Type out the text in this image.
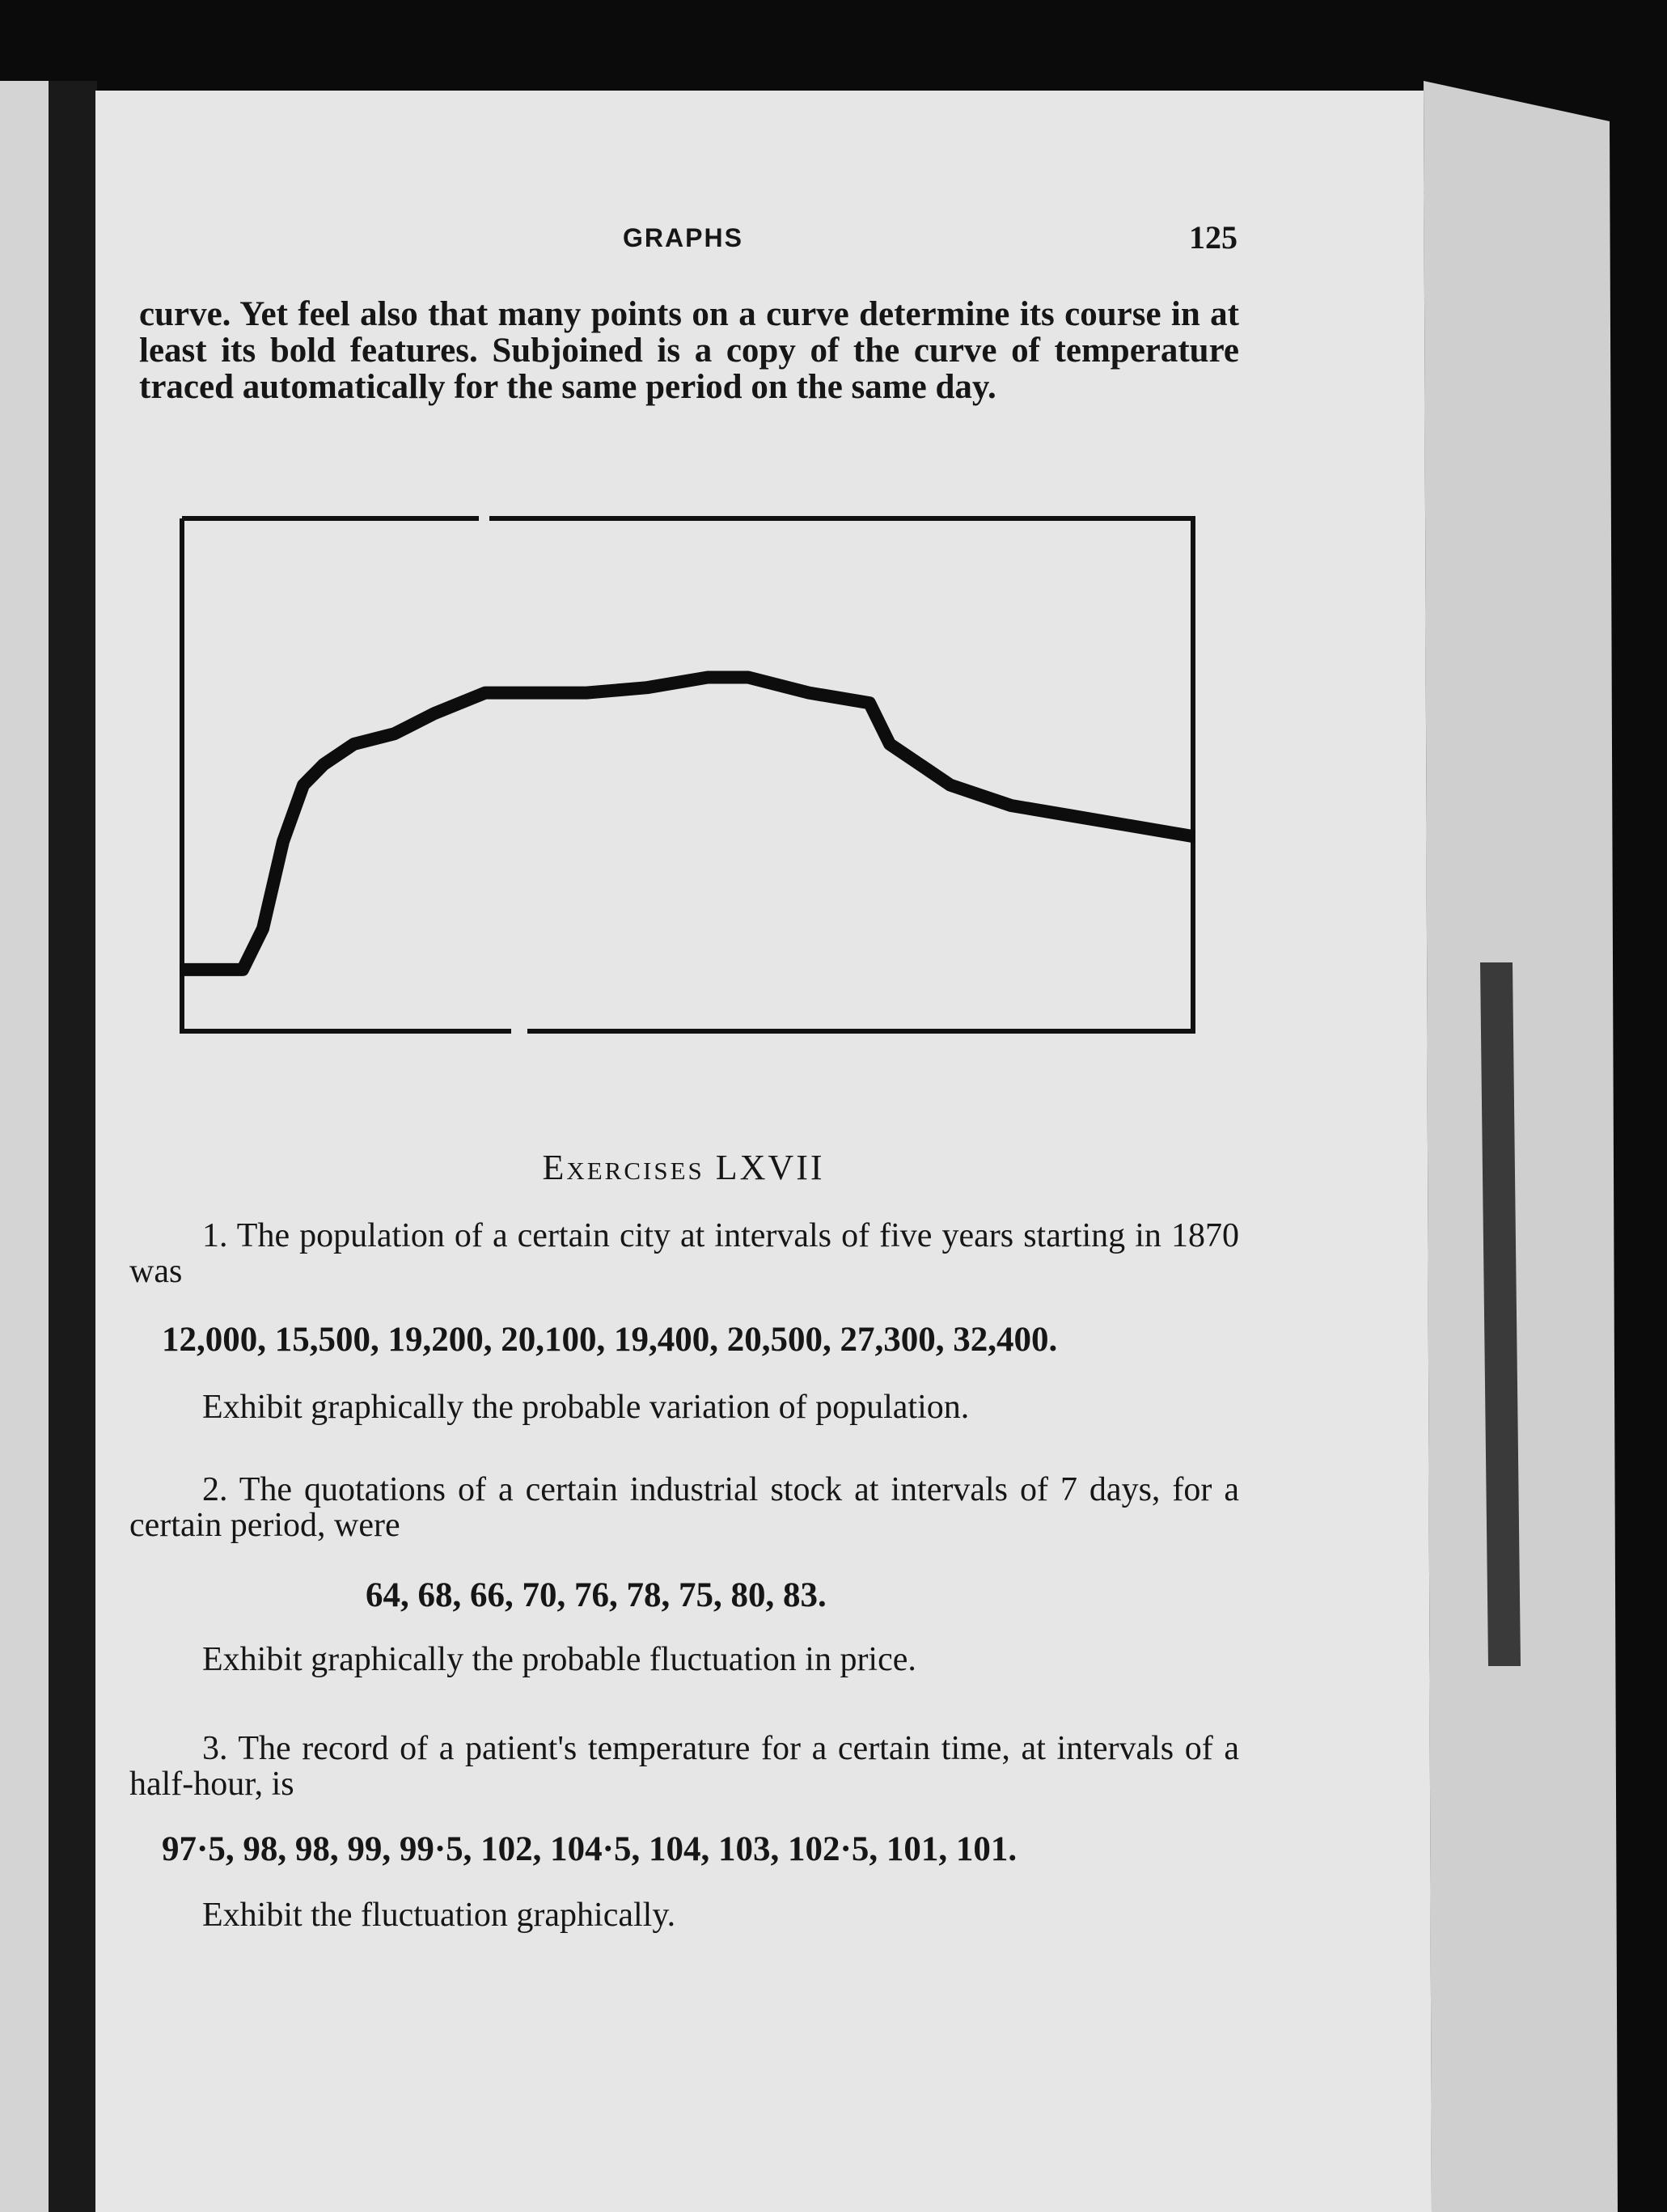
GRAPHS	125
curve. Yet feel also that many points on a curve determine its course in at least its bold features. Subjoined is a copy of the curve of temperature traced automatically for the same period on the same day.
Exercises LXVII
1. The population of a certain city at intervals of five years starting in 1870 was
12,000, 15,500, 19,200, 20,100, 19,400, 20,500, 27,300, 32,400.
Exhibit graphically the probable variation of population.
2. The quotations of a certain industrial stock at intervals of 7 days, for a certain period, were
64, 68, 66, 70, 76, 78, 75, 80, 83.
Exhibit graphically the probable fluctuation in price.
3. The record of a patient's temperature for a certain time, at intervals of a half-hour, is
97·5, 98, 98, 99, 99·5, 102, 104·5, 104, 103, 102·5, 101, 101.
Exhibit the fluctuation graphically.
